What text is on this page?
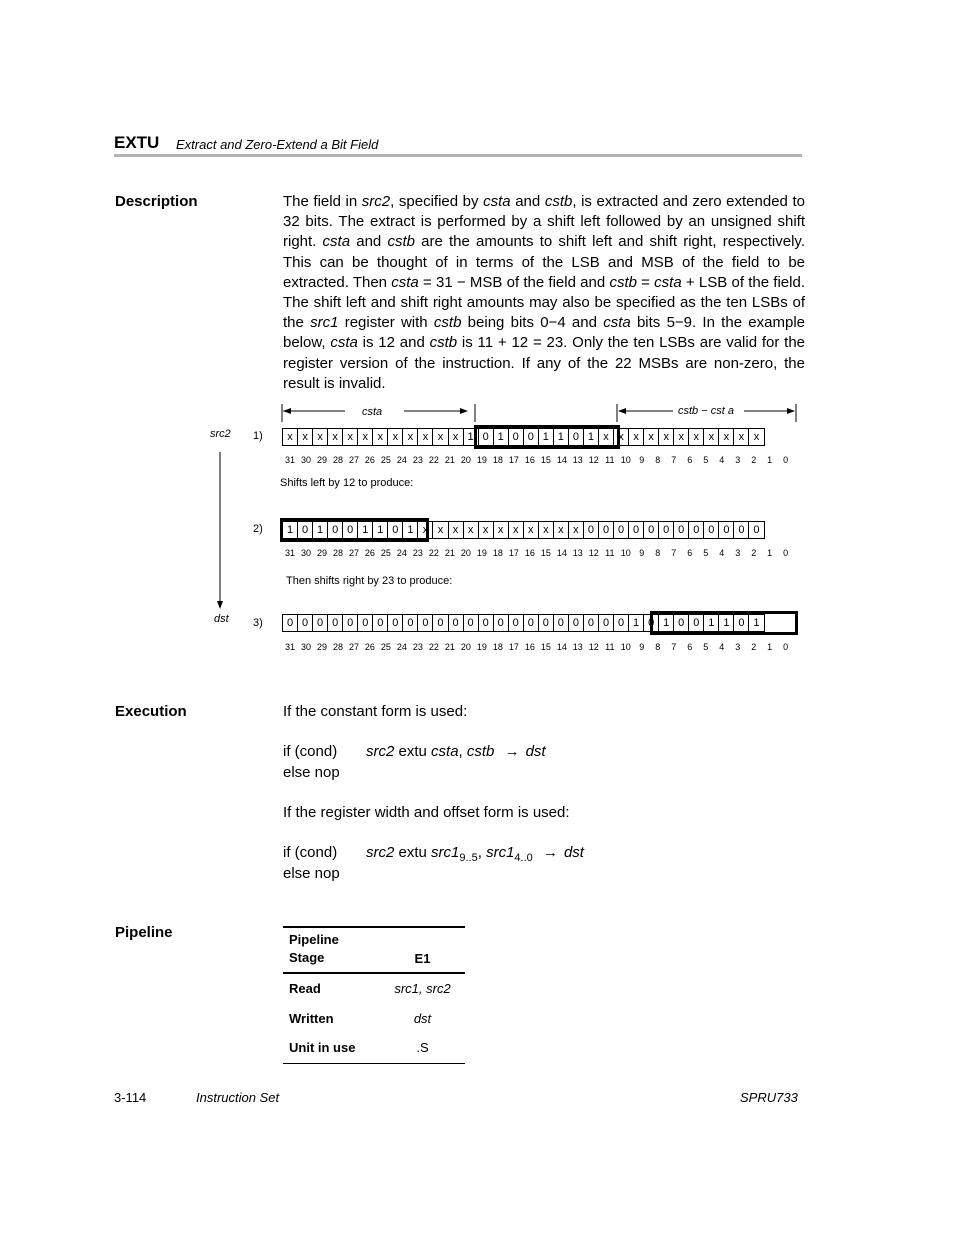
EXTU Extract and Zero-Extend a Bit Field
Description	The field in src2, specified by csta and cstb, is extracted and zero extended to 32 bits. The extract is performed by a shift left followed by an unsigned shift right. csta and cstb are the amounts to shift left and shift right, respectively. This can be thought of in terms of the LSB and MSB of the field to be extracted. Then csta = 31 − MSB of the field and cstb = csta + LSB of the field. The shift left and shift right amounts may also be specified as the ten LSBs of the src1 register with cstb being bits 0−4 and csta bits 5−9. In the example below, csta is 12 and cstb is 11 + 12 = 23. Only the ten LSBs are valid for the register version of the instruction. If any of the 22 MSBs are non-zero, the result is invalid.
csta	cstb − cst a
src2
dst
1)
2)
3)
x x x x x x x x x x x x 1 0 1 0 0 1 1 0 1 x x x x x x x x x x x
31 30 29 28 27 26 25 24 23 22 21 20 19 18 17 16 15 14 13 12 11 10 9	8	7	6	5	4	3	2	1	0
Shifts left by 12 to produce:
1 0 1 0 0 1 1 0 1 x x x x x x x x x x x 0 0 0 0 0 0 0 0 0 0 0 0
31 30 29 28 27 26 25 24 23 22 21 20 19 18 17 16 15 14 13 12 11 10 9	8	7	6	5	4	3	2	1	0
Then shifts right by 23 to produce:
0 0 0 0 0 0 0 0 0 0 0 0 0 0 0 0 0 0 0 0 0 0 0 1 0 1 0 0 1 1 0 1
31 30 29 28 27 26 25 24 23 22 21 20 19 18 17 16 15 14 13 12 11 10 9	8	7	6	5	4	3	2	1	0
Execution	If the constant form is used:
if (cond) src2 extu csta, cstb → dst
else nop
If the register width and offset form is used:
if (cond) src2 extu $src1_{9..5}$, $src1_{4..0}$ → dst
else nop
Pipeline	Pipeline Stage	E1
Read	src1, src2
Written	dst
Unit in use	.S
3-114	Instruction Set	SPRU733
